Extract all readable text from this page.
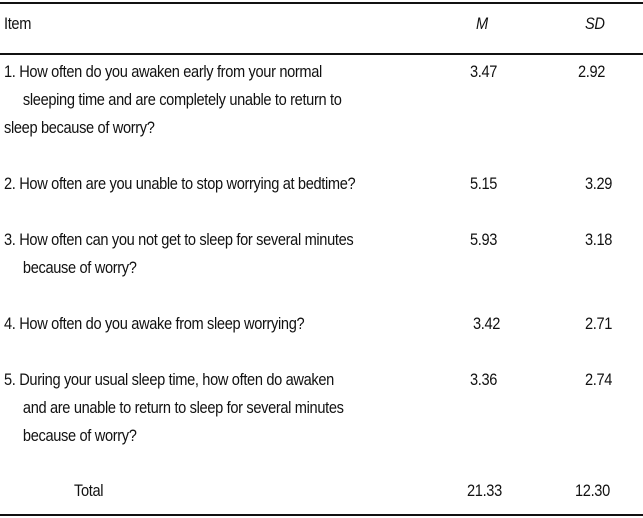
Item	M	SD
1. How often do you awaken early from your normal
sleeping time and are completely unable to return to
sleep because of worry?
3.47	2.92
2. How often are you unable to stop worrying at bedtime?	5.15	3.29
3. How often can you not get to sleep for several minutes
because of worry?
5.93	3.18
4. How often do you awake from sleep worrying?	3.42	2.71
5. During your usual sleep time, how often do awaken
and are unable to return to sleep for several minutes
because of worry?
3.36	2.74
Total	21.33	12.30
